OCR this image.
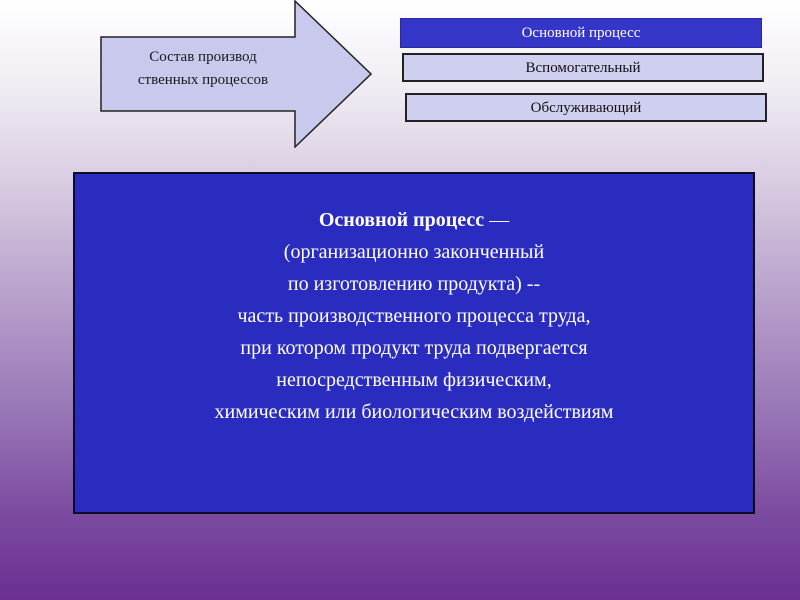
Состав производ
ственных процессов
Основной процесс
Вспомогательный
Обслуживающий
Основной процесс —
(организационно законченный
по изготовлению продукта) --
часть производственного процесса труда,
при котором продукт труда подвергается
непосредственным физическим,
химическим или биологическим воздействиям
